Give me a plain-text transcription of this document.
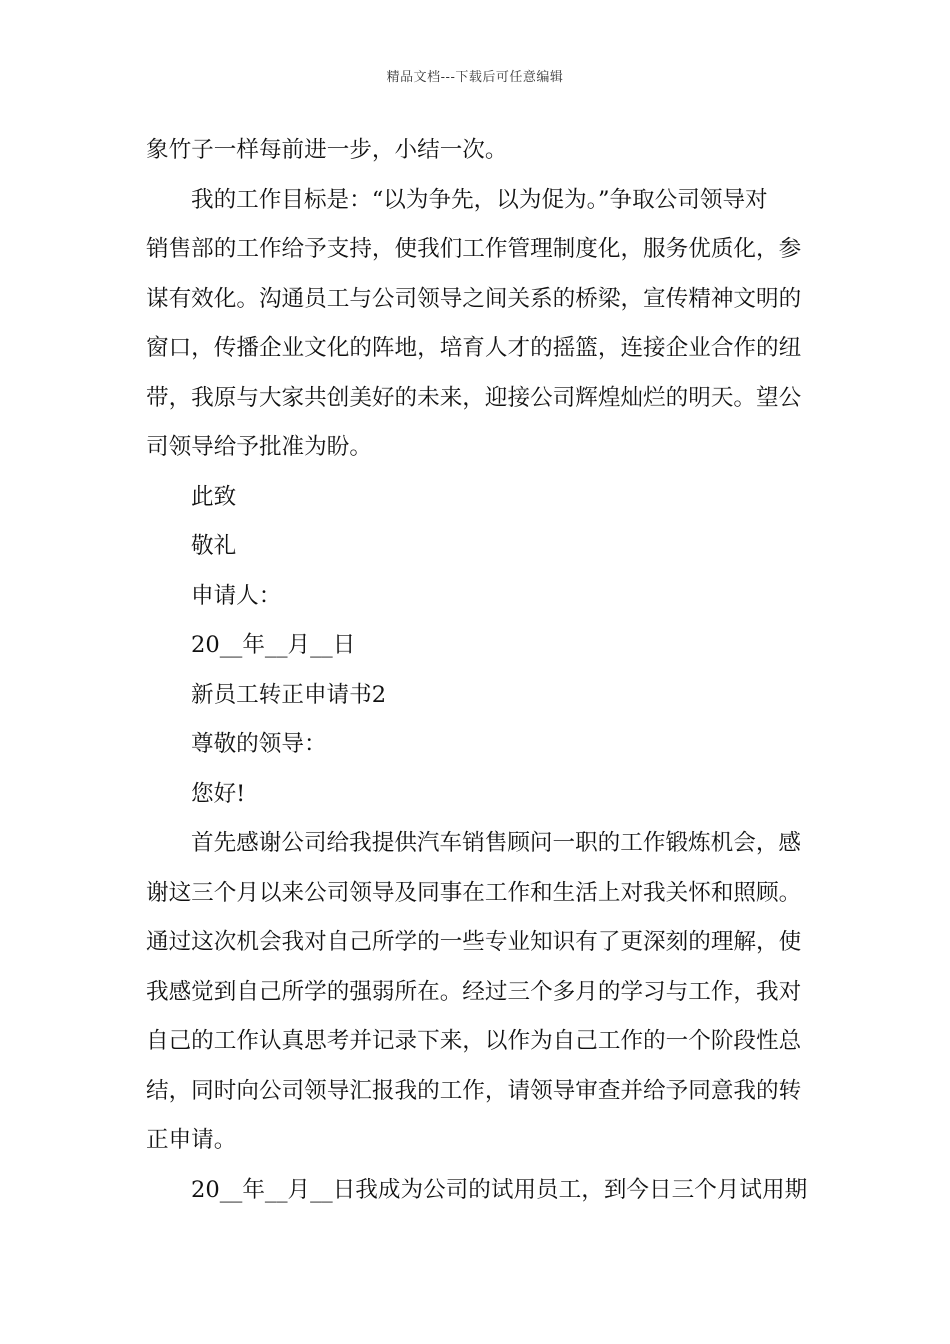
精品文档---下载后可任意编辑
象竹子一样每前进一步，小结一次。
我的工作目标是：“以为争先，以为促为。”争取公司领导对
销售部的工作给予支持，使我们工作管理制度化，服务优质化，参
谋有效化。沟通员工与公司领导之间关系的桥梁，宣传精神文明的
窗口，传播企业文化的阵地，培育人才的摇篮，连接企业合作的纽
带，我原与大家共创美好的未来，迎接公司辉煌灿烂的明天。望公
司领导给予批准为盼。
此致
敬礼
申请人：
20__年__月__日
新员工转正申请书2
尊敬的领导：
您好!
首先感谢公司给我提供汽车销售顾问一职的工作锻炼机会，感
谢这三个月以来公司领导及同事在工作和生活上对我关怀和照顾。
通过这次机会我对自己所学的一些专业知识有了更深刻的理解，使
我感觉到自己所学的强弱所在。经过三个多月的学习与工作，我对
自己的工作认真思考并记录下来，以作为自己工作的一个阶段性总
结，同时向公司领导汇报我的工作，请领导审查并给予同意我的转
正申请。
20__年__月__日我成为公司的试用员工，到今日三个月试用期
